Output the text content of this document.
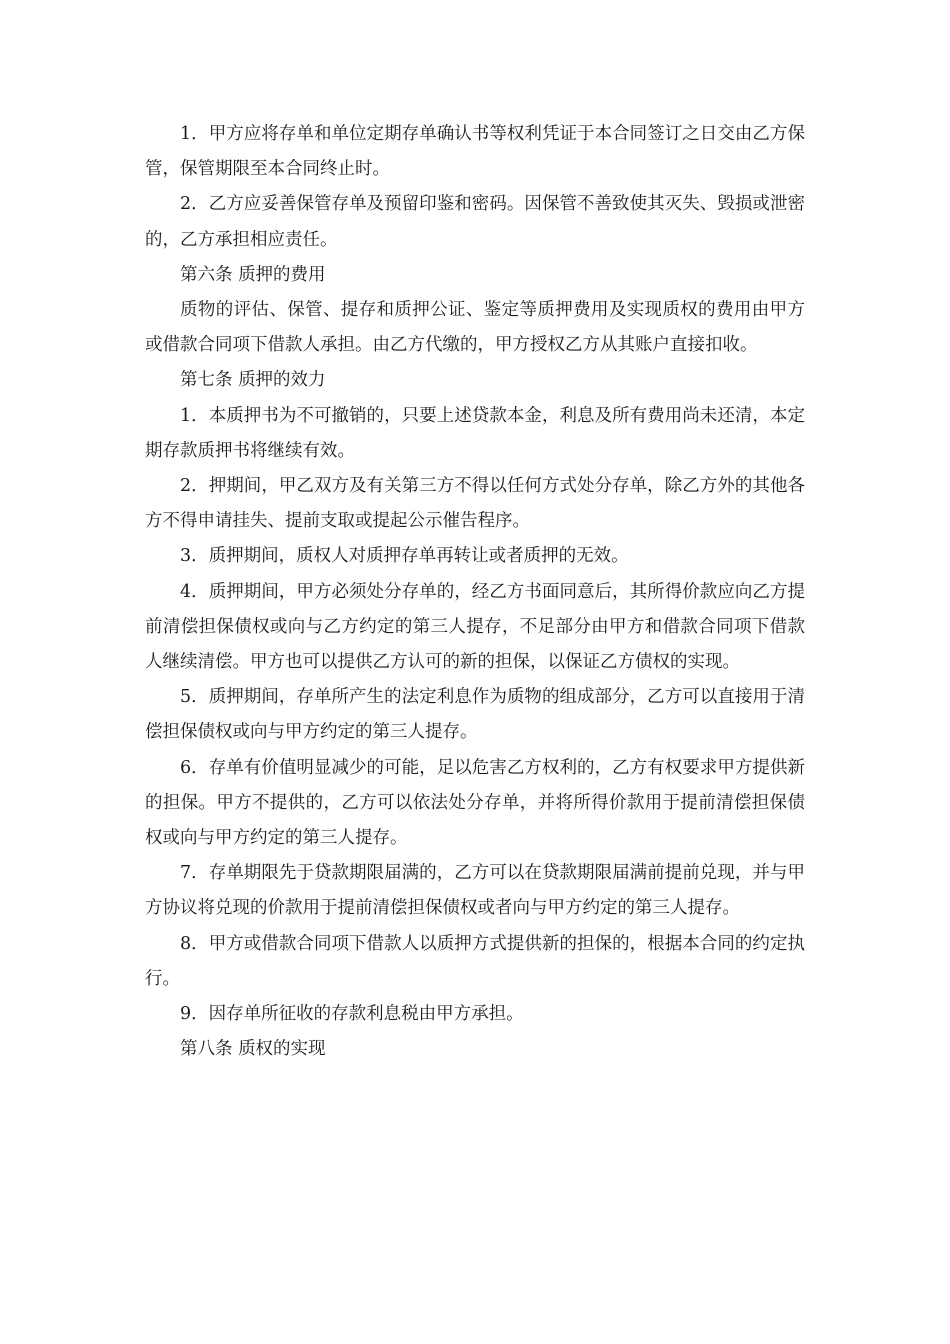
1．甲方应将存单和单位定期存单确认书等权利凭证于本合同签订之日交由乙方保管，保管期限至本合同终止时。

2．乙方应妥善保管存单及预留印鉴和密码。因保管不善致使其灭失、毁损或泄密的，乙方承担相应责任。

第六条 质押的费用

质物的评估、保管、提存和质押公证、鉴定等质押费用及实现质权的费用由甲方或借款合同项下借款人承担。由乙方代缴的，甲方授权乙方从其账户直接扣收。

第七条 质押的效力

1．本质押书为不可撤销的，只要上述贷款本金，利息及所有费用尚未还清，本定期存款质押书将继续有效。

2．押期间，甲乙双方及有关第三方不得以任何方式处分存单，除乙方外的其他各方不得申请挂失、提前支取或提起公示催告程序。

3．质押期间，质权人对质押存单再转让或者质押的无效。

4．质押期间，甲方必须处分存单的，经乙方书面同意后，其所得价款应向乙方提前清偿担保债权或向与乙方约定的第三人提存，不足部分由甲方和借款合同项下借款人继续清偿。甲方也可以提供乙方认可的新的担保，以保证乙方债权的实现。

5．质押期间，存单所产生的法定利息作为质物的组成部分，乙方可以直接用于清偿担保债权或向与甲方约定的第三人提存。

6．存单有价值明显减少的可能，足以危害乙方权利的，乙方有权要求甲方提供新的担保。甲方不提供的，乙方可以依法处分存单，并将所得价款用于提前清偿担保债权或向与甲方约定的第三人提存。

7．存单期限先于贷款期限届满的，乙方可以在贷款期限届满前提前兑现，并与甲方协议将兑现的价款用于提前清偿担保债权或者向与甲方约定的第三人提存。

8．甲方或借款合同项下借款人以质押方式提供新的担保的，根据本合同的约定执行。

9．因存单所征收的存款利息税由甲方承担。

第八条 质权的实现
